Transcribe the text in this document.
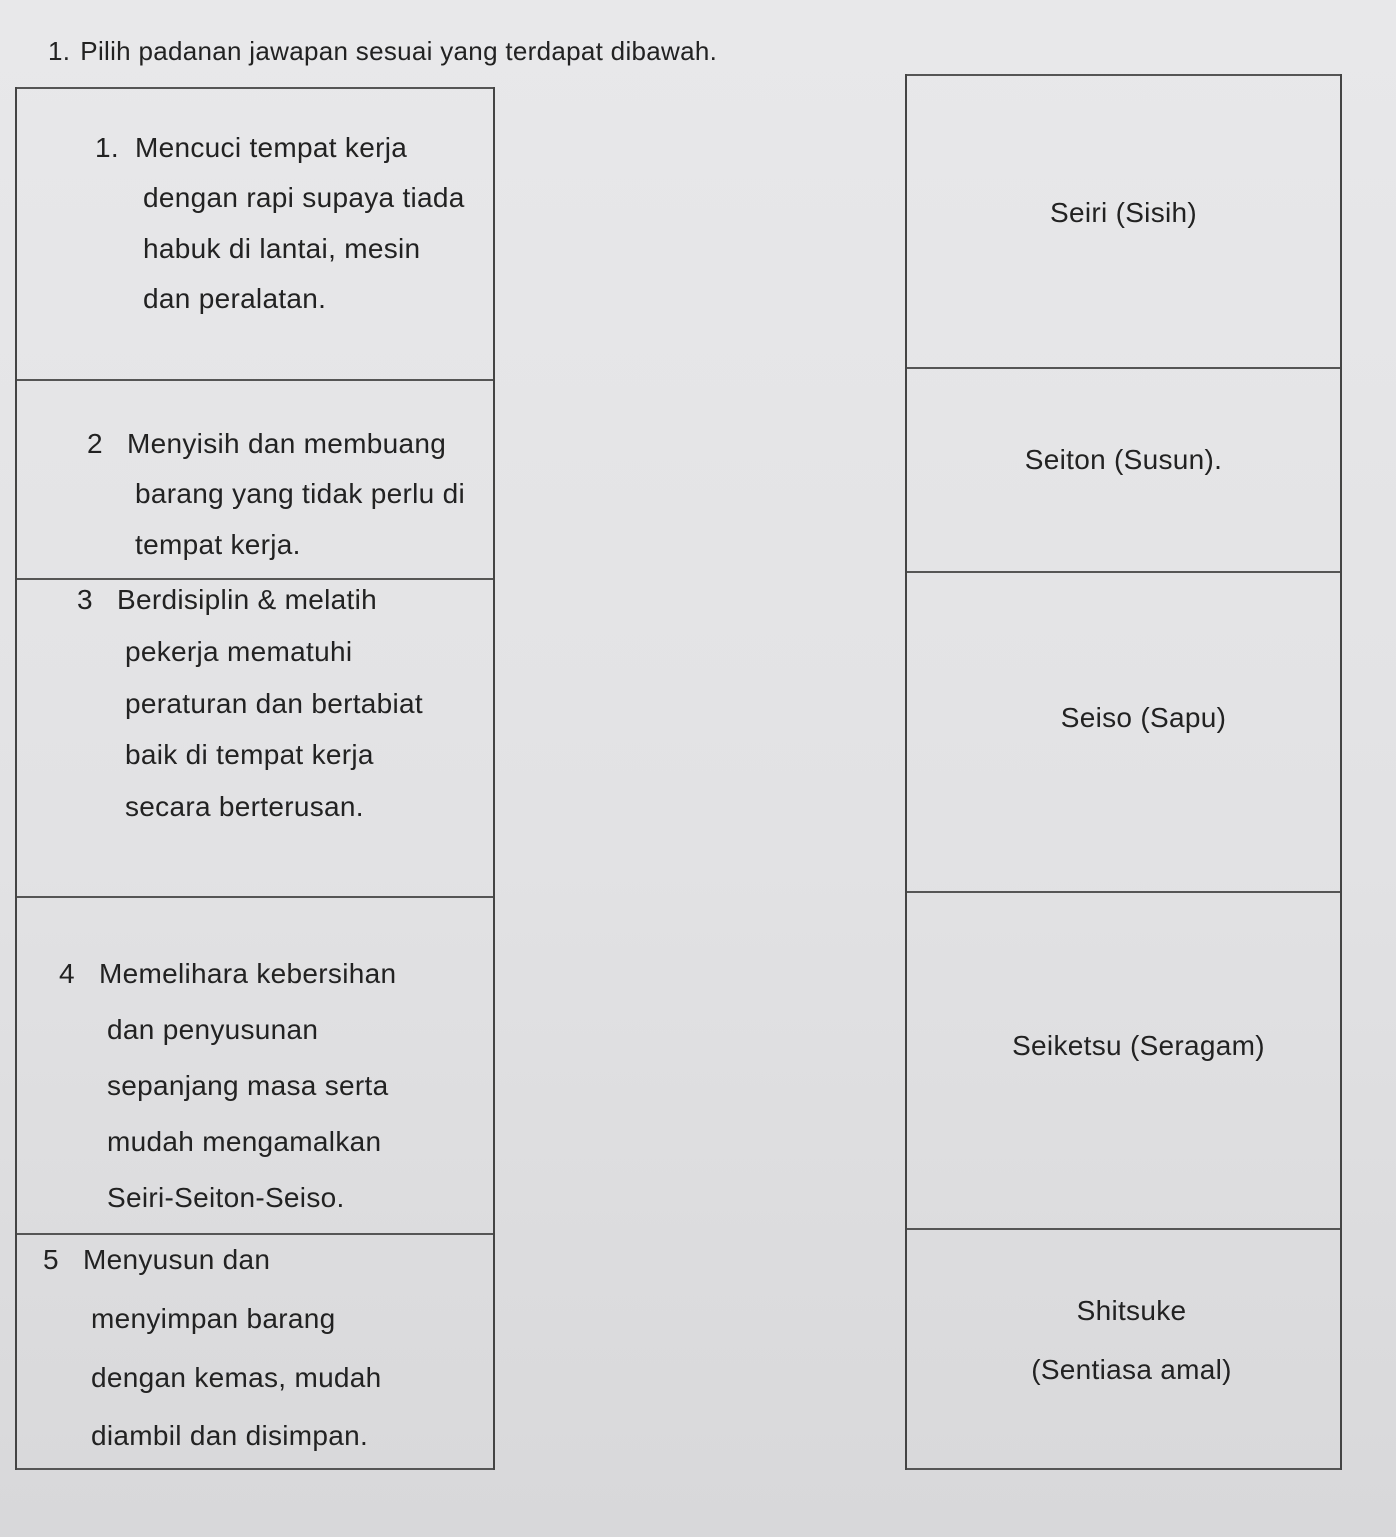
1. Pilih padanan jawapan sesuai yang terdapat dibawah.
1. Mencuci tempat kerja
dengan rapi supaya tiada
habuk di lantai, mesin
dan peralatan.
2 Menyisih dan membuang
barang yang tidak perlu di
tempat kerja.
3 Berdisiplin & melatih
pekerja mematuhi
peraturan dan bertabiat
baik di tempat kerja
secara berterusan.
4 Memelihara kebersihan
dan penyusunan
sepanjang masa serta
mudah mengamalkan
Seiri-Seiton-Seiso.
5 Menyusun dan
menyimpan barang
dengan kemas, mudah
diambil dan disimpan.
Seiri (Sisih)
Seiton (Susun).
Seiso (Sapu)
Seiketsu (Seragam)
Shitsuke
(Sentiasa amal)
